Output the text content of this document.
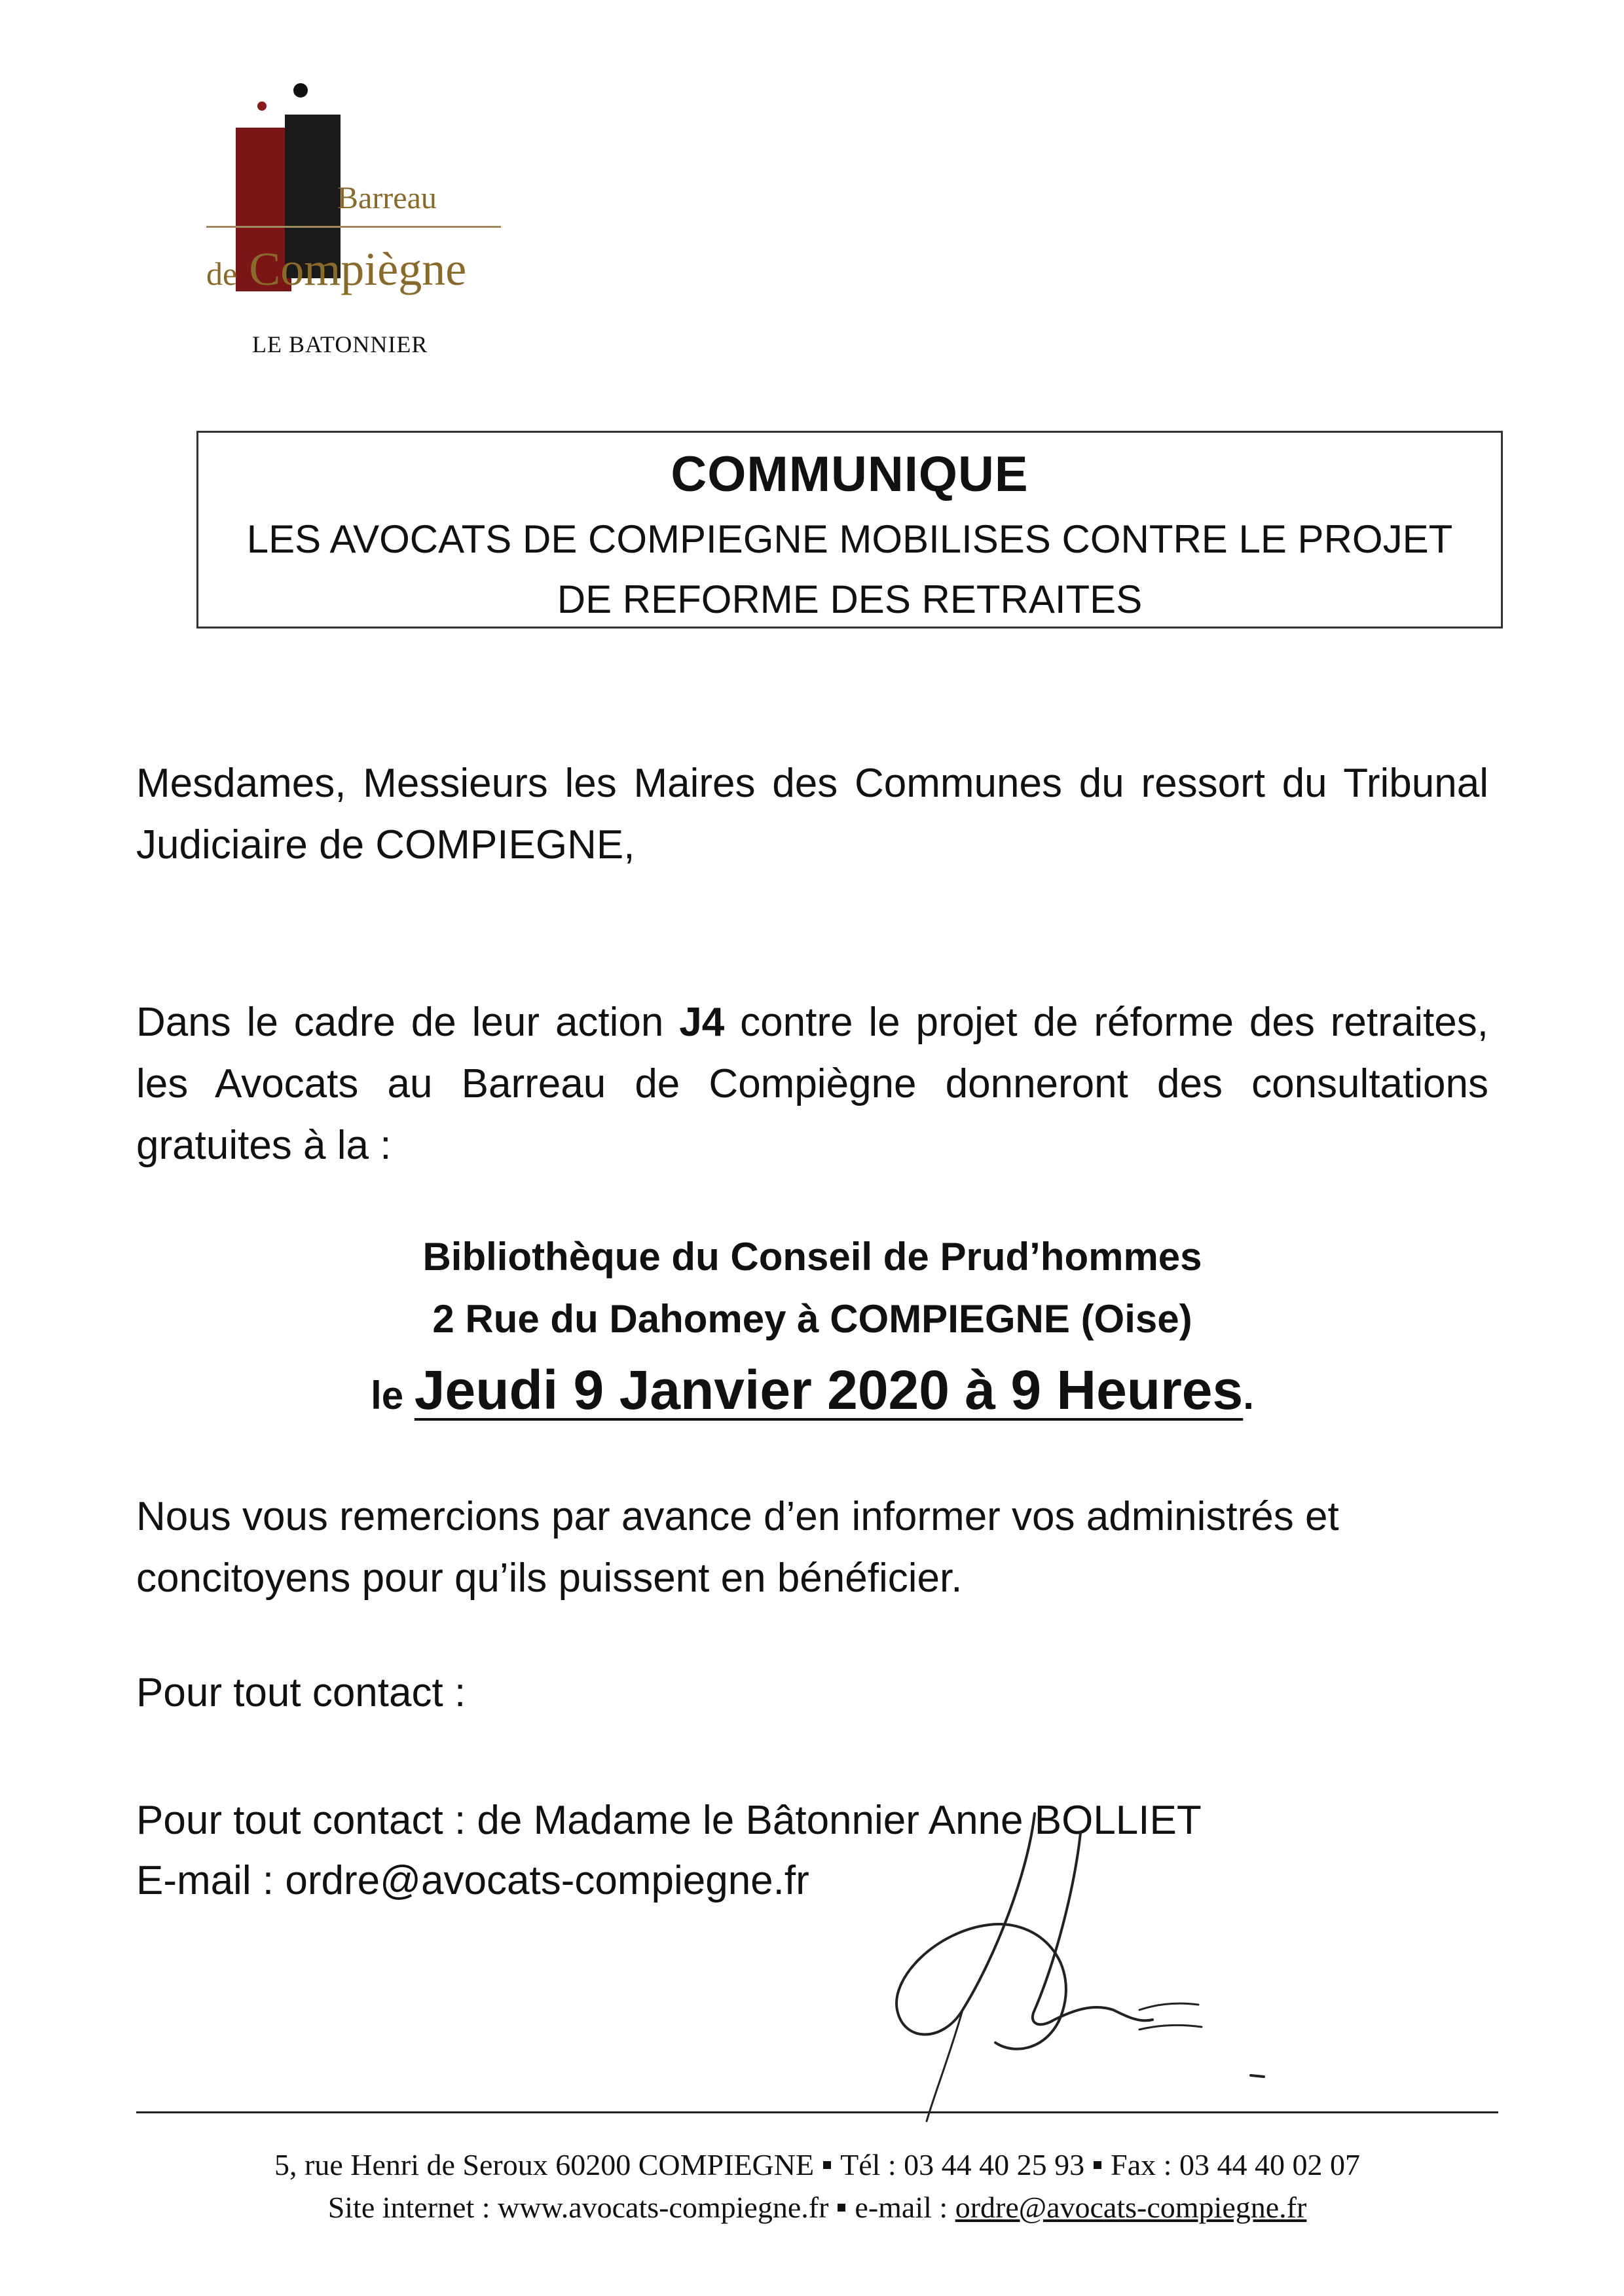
Barreau
de Compiègne
LE BATONNIER
COMMUNIQUE
LES AVOCATS DE COMPIEGNE MOBILISES CONTRE LE PROJET
DE REFORME DES RETRAITES
Mesdames, Messieurs les Maires des Communes du ressort du Tribunal Judiciaire de COMPIEGNE,
Dans le cadre de leur action J4 contre le projet de réforme des retraites, les Avocats au Barreau de Compiègne donneront des consultations gratuites à la :
Bibliothèque du Conseil de Prud’hommes
2 Rue du Dahomey à COMPIEGNE (Oise)
le Jeudi 9 Janvier 2020 à 9 Heures.
Nous vous remercions par avance d’en informer vos administrés et concitoyens pour qu’ils puissent en bénéficier.
Pour tout contact :
Pour tout contact : de Madame le Bâtonnier Anne BOLLIET
E-mail : ordre@avocats-compiegne.fr
5, rue Henri de Seroux 60200 COMPIEGNE Tél : 03 44 40 25 93 Fax : 03 44 40 02 07
Site internet : www.avocats-compiegne.fr e-mail : ordre@avocats-compiegne.fr
